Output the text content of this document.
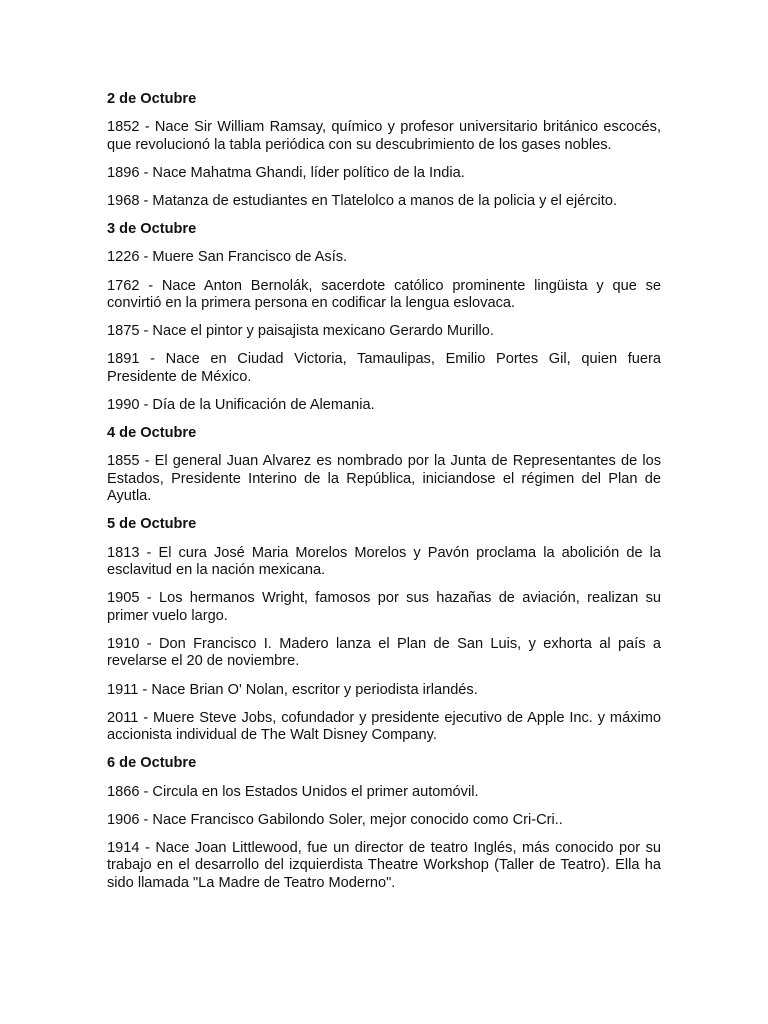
2 de Octubre

1852 - Nace Sir William Ramsay, químico y profesor universitario británico escocés, que revolucionó la tabla periódica con su descubrimiento de los gases nobles.

1896 - Nace Mahatma Ghandi, líder político de la India.

1968 - Matanza de estudiantes en Tlatelolco a manos de la policia y el ejército.

3 de Octubre

1226 - Muere San Francisco de Asís.

1762 - Nace Anton Bernolák, sacerdote católico prominente lingüista y que se convirtió en la primera persona en codificar la lengua eslovaca.

1875 - Nace el pintor y paisajista mexicano Gerardo Murillo.

1891 - Nace en Ciudad Victoria, Tamaulipas, Emilio Portes Gil, quien fuera Presidente de México.

1990 - Día de la Unificación de Alemania.

4 de Octubre

1855 - El general Juan Alvarez es nombrado por la Junta de Representantes de los Estados, Presidente Interino de la República, iniciandose el régimen del Plan de Ayutla.

5 de Octubre

1813 - El cura José Maria Morelos Morelos y Pavón proclama la abolición de la esclavitud en la nación mexicana.

1905 - Los hermanos Wright, famosos por sus hazañas de aviación, realizan su primer vuelo largo.

1910 - Don Francisco I. Madero lanza el Plan de San Luis, y exhorta al país a revelarse el 20 de noviembre.

1911 - Nace Brian O' Nolan, escritor y periodista irlandés.

2011 - Muere Steve Jobs, cofundador y presidente ejecutivo de Apple Inc. y máximo accionista individual de The Walt Disney Company.

6 de Octubre

1866 - Circula en los Estados Unidos el primer automóvil.

1906 - Nace Francisco Gabilondo Soler, mejor conocido como Cri-Cri..

1914 - Nace Joan Littlewood, fue un director de teatro Inglés, más conocido por su trabajo en el desarrollo del izquierdista Theatre Workshop (Taller de Teatro). Ella ha sido llamada "La Madre de Teatro Moderno".
